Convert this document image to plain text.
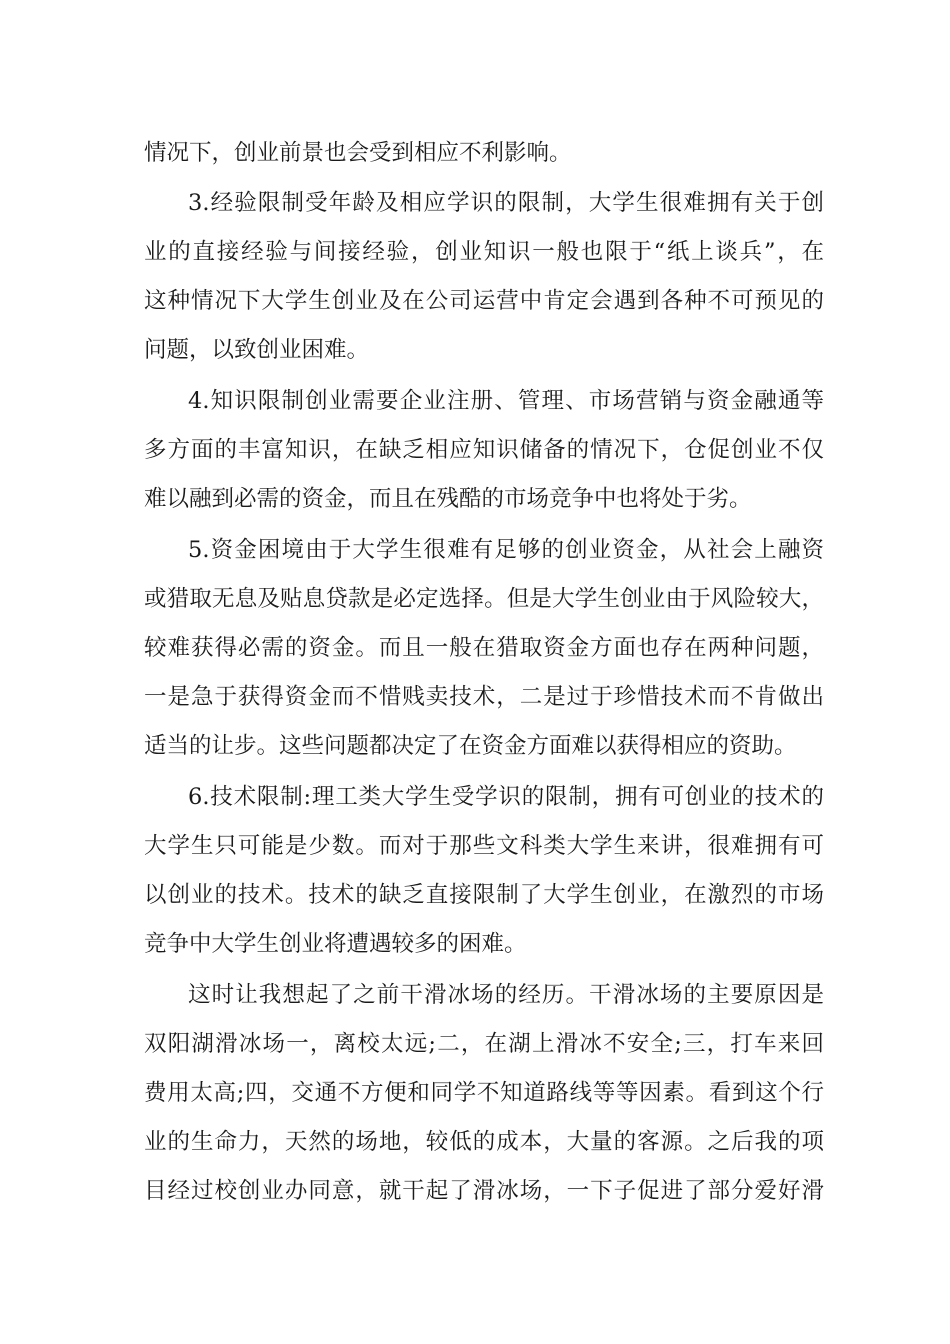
情况下，创业前景也会受到相应不利影响。
3.经验限制受年龄及相应学识的限制，大学生很难拥有关于创
业的直接经验与间接经验，创业知识一般也限于“纸上谈兵”，在
这种情况下大学生创业及在公司运营中肯定会遇到各种不可预见的
问题，以致创业困难。
4.知识限制创业需要企业注册、管理、市场营销与资金融通等
多方面的丰富知识，在缺乏相应知识储备的情况下，仓促创业不仅
难以融到必需的资金，而且在残酷的市场竞争中也将处于劣。
5.资金困境由于大学生很难有足够的创业资金，从社会上融资
或猎取无息及贴息贷款是必定选择。但是大学生创业由于风险较大，
较难获得必需的资金。而且一般在猎取资金方面也存在两种问题，
一是急于获得资金而不惜贱卖技术，二是过于珍惜技术而不肯做出
适当的让步。这些问题都决定了在资金方面难以获得相应的资助。
6.技术限制:理工类大学生受学识的限制，拥有可创业的技术的
大学生只可能是少数。而对于那些文科类大学生来讲，很难拥有可
以创业的技术。技术的缺乏直接限制了大学生创业，在激烈的市场
竞争中大学生创业将遭遇较多的困难。
这时让我想起了之前干滑冰场的经历。干滑冰场的主要原因是
双阳湖滑冰场一，离校太远;二，在湖上滑冰不安全;三，打车来回
费用太高;四，交通不方便和同学不知道路线等等因素。看到这个行
业的生命力，天然的场地，较低的成本，大量的客源。之后我的项
目经过校创业办同意，就干起了滑冰场，一下子促进了部分爱好滑
